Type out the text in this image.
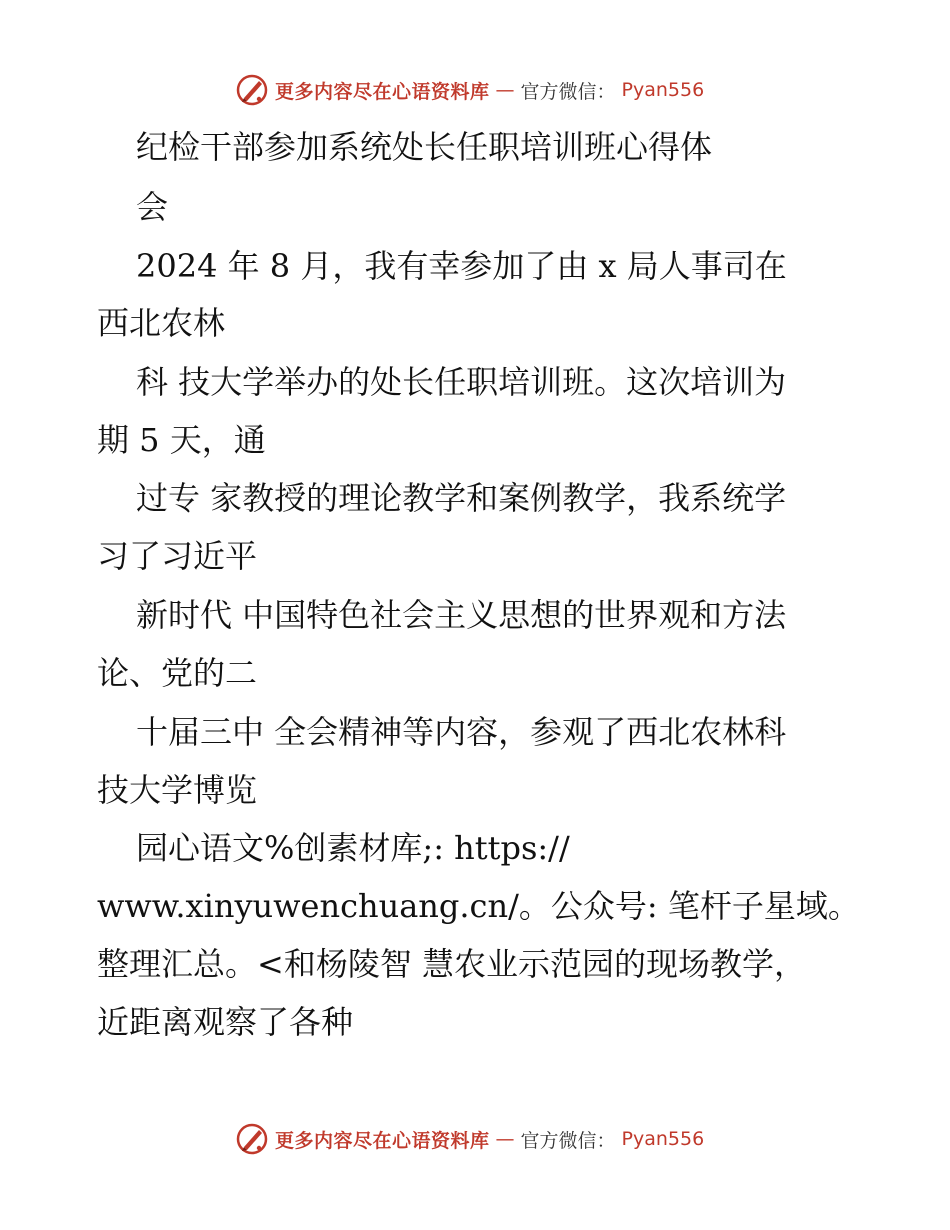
更多内容尽在心语资料库 — 官方微信： Pyan556
纪检干部参加系统处长任职培训班心得体
会
2024 年 8 月，我有幸参加了由 x 局人事司在
西北农林
科 技大学举办的处长任职培训班。这次培训为
期 5 天，通
过专 家教授的理论教学和案例教学，我系统学
习了习近平
新时代 中国特色社会主义思想的世界观和方法
论、党的二
十届三中 全会精神等内容，参观了西北农林科
技大学博览
园心语文%创素材库;: https://
www.xinyuwenchuang.cn/。公众号: 笔杆子星域。
整理汇总。<和杨陵智 慧农业示范园的现场教学，
近距离观察了各种
更多内容尽在心语资料库 — 官方微信： Pyan556
